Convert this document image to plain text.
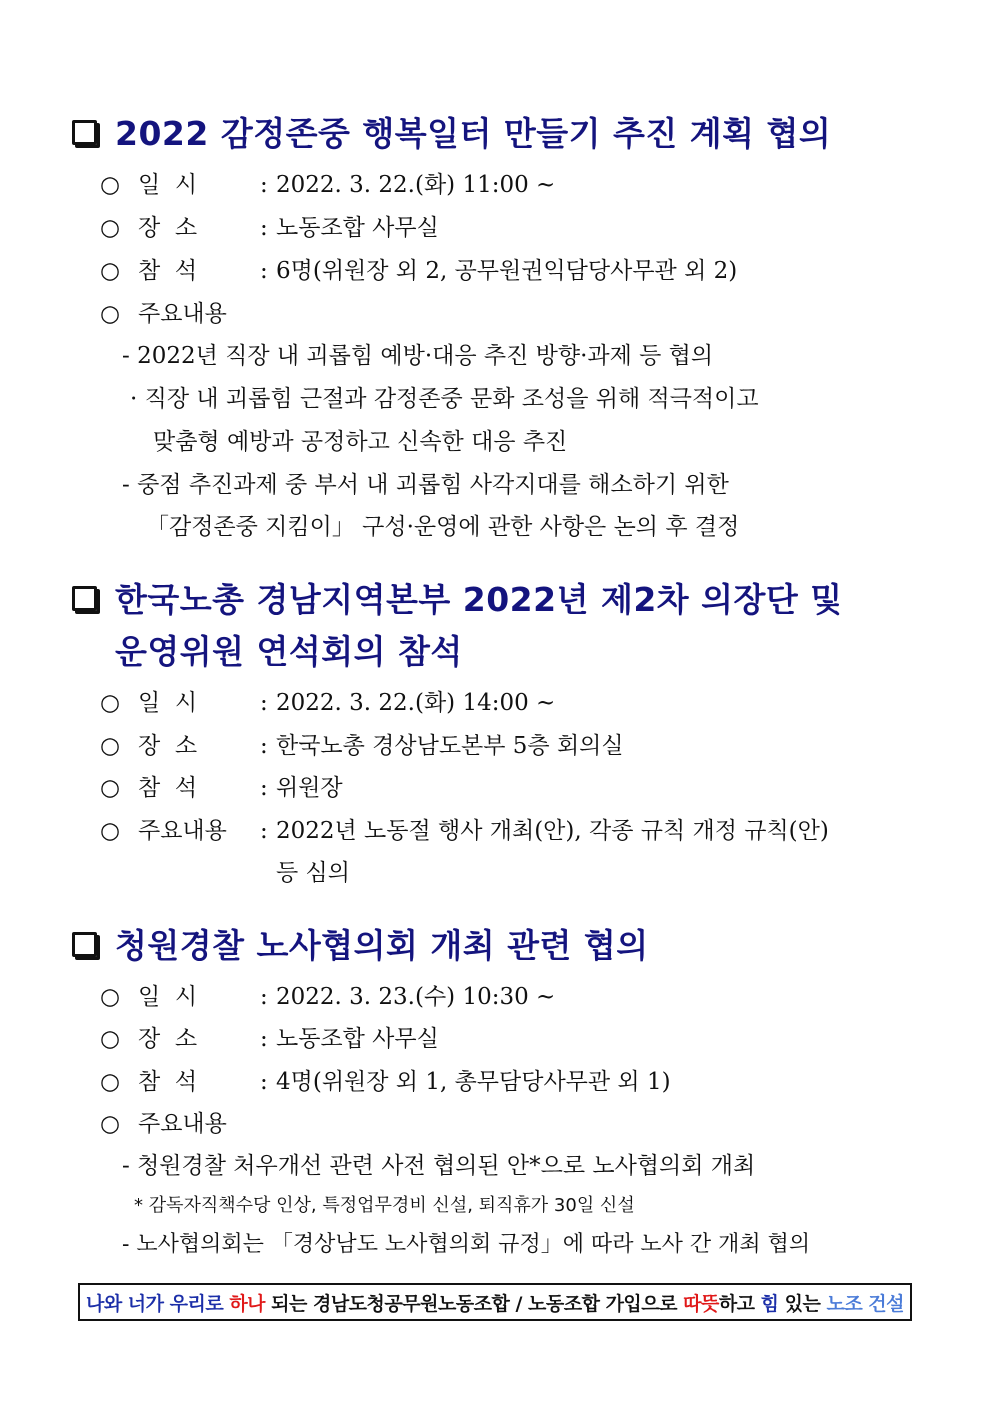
2022 감정존중 행복일터 만들기 추진 계획 협의
○ 일  시	: 2022. 3. 22.(화) 11:00 ~
○ 장  소	: 노동조합 사무실
○ 참  석	: 6명(위원장 외 2, 공무원권익담당사무관 외 2)
○ 주요내용
- 2022년 직장 내 괴롭힘 예방·대응 추진 방향·과제 등 협의
· 직장 내 괴롭힘 근절과 감정존중 문화 조성을 위해 적극적이고
맞춤형 예방과 공정하고 신속한 대응 추진
- 중점 추진과제 중 부서 내 괴롭힘 사각지대를 해소하기 위한
「감정존중 지킴이」 구성·운영에 관한 사항은 논의 후 결정
한국노총 경남지역본부 2022년 제2차 의장단 및
운영위원 연석회의 참석
○ 일  시	: 2022. 3. 22.(화) 14:00 ~
○ 장  소	: 한국노총 경상남도본부 5층 회의실
○ 참  석	: 위원장
○ 주요내용	: 2022년 노동절 행사 개최(안), 각종 규칙 개정 규칙(안)
등 심의
청원경찰 노사협의회 개최 관련 협의
○ 일  시	: 2022. 3. 23.(수) 10:30 ~
○ 장  소	: 노동조합 사무실
○ 참  석	: 4명(위원장 외 1, 총무담당사무관 외 1)
○ 주요내용
- 청원경찰 처우개선 관련 사전 협의된 안*으로 노사협의회 개최
* 감독자직책수당 인상, 특정업무경비 신설, 퇴직휴가 30일 신설
- 노사협의회는 「경상남도 노사협의회 규정」에 따라 노사 간 개최 협의
나와 너가 우리로 하나 되는 경남도청공무원노동조합 / 노동조합 가입으로 따뜻 하고 힘 있는 노조 건설
